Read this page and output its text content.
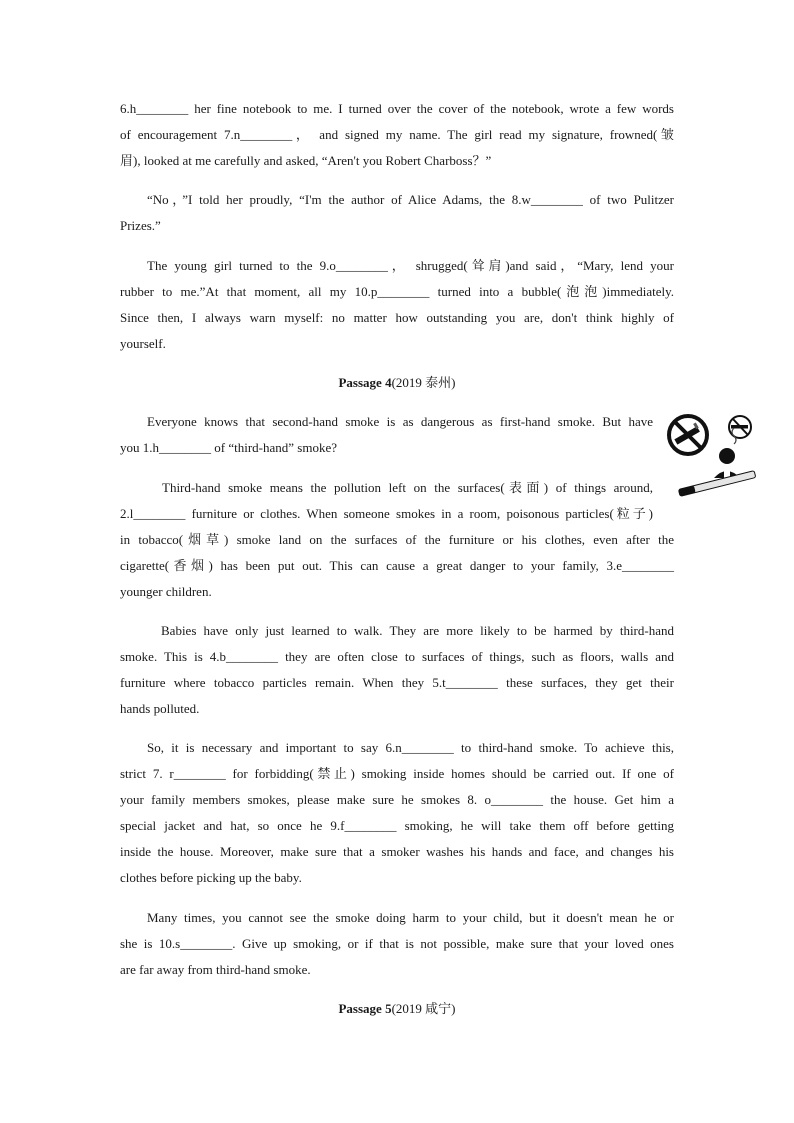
6.h________ her fine notebook to me. I turned over the cover of the notebook, wrote a few words
of encouragement 7.n________， and signed my name. The girl read my signature, frowned(皱
眉), looked at me carefully and asked, “Aren't you Robert Charboss？”
“No，”I told her proudly, “I'm the author of Alice Adams, the 8.w________ of two Pulitzer
Prizes.”
The young girl turned to the 9.o________， shrugged(耸肩)and said，“Mary, lend your
rubber to me.”At that moment, all my 10.p________ turned into a bubble(泡泡)immediately.
Since then, I always warn myself: no matter how outstanding you are, don't think highly of
yourself.
Passage 4(2019 泰州)
Everyone knows that second-hand smoke is as dangerous as first-hand smoke. But have
you 1.h________ of “third-hand” smoke?
Third-hand smoke means the pollution left on the surfaces(表面) of things around,
2.l________ furniture or clothes. When someone smokes in a room, poisonous particles(粒子)
in tobacco(烟草) smoke land on the surfaces of the furniture or his clothes, even after the
cigarette(香烟) has been put out. This can cause a great danger to your family, 3.e________
younger children.
Babies have only just learned to walk. They are more likely to be harmed by third-hand
smoke. This is 4.b________ they are often close to surfaces of things, such as floors, walls and
furniture where tobacco particles remain. When they 5.t________ these surfaces, they get their
hands polluted.
So, it is necessary and important to say 6.n________ to third-hand smoke. To achieve this,
strict 7. r________ for forbidding(禁止) smoking inside homes should be carried out. If one of
your family members smokes, please make sure he smokes 8. o________ the house. Get him a
special jacket and hat, so once he 9.f________ smoking, he will take them off before getting
inside the house. Moreover, make sure that a smoker washes his hands and face, and changes his
clothes before picking up the baby.
Many times, you cannot see the smoke doing harm to your child, but it doesn't mean he or
she is 10.s________. Give up smoking, or if that is not possible, make sure that your loved ones
are far away from third-hand smoke.
Passage 5(2019 咸宁)
